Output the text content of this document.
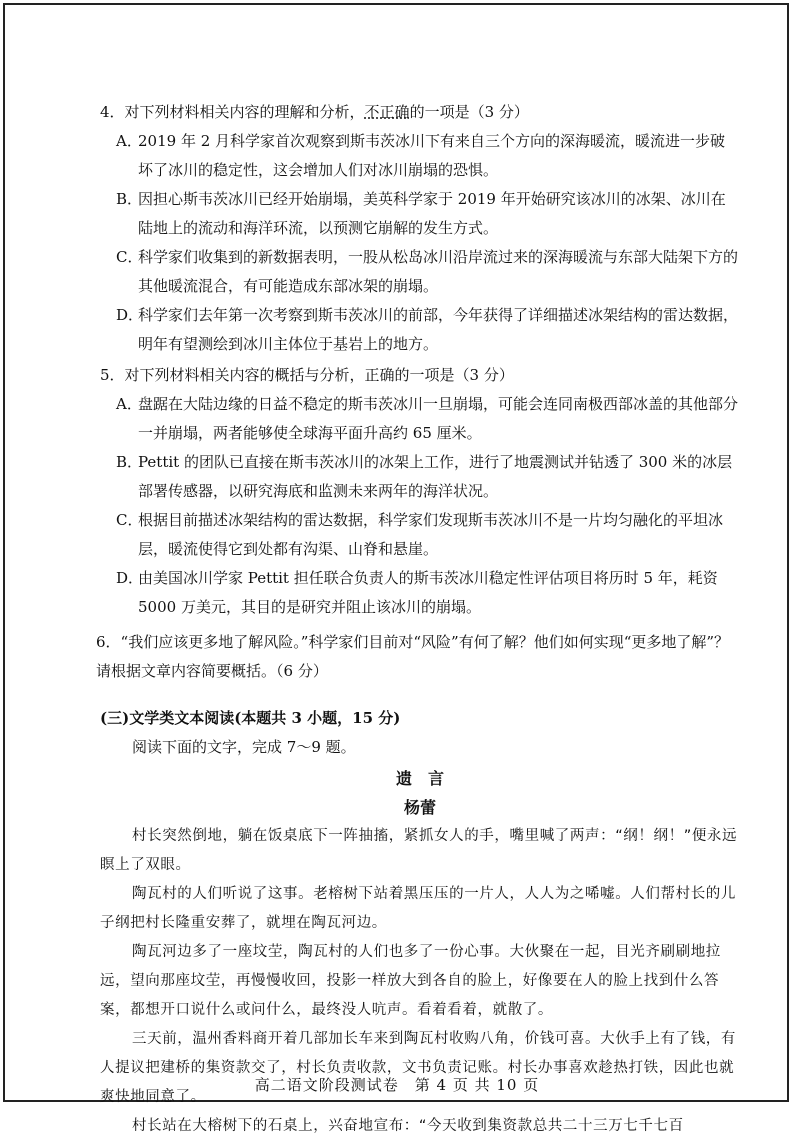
4．对下列材料相关内容的理解和分析，不正确的一项是（3 分）
A．2019 年 2 月科学家首次观察到斯韦茨冰川下有来自三个方向的深海暖流，暖流进一步破坏了冰川的稳定性，这会增加人们对冰川崩塌的恐惧。
B．因担心斯韦茨冰川已经开始崩塌，美英科学家于 2019 年开始研究该冰川的冰架、冰川在陆地上的流动和海洋环流，以预测它崩解的发生方式。
C．科学家们收集到的新数据表明，一股从松岛冰川沿岸流过来的深海暖流与东部大陆架下方的其他暖流混合，有可能造成东部冰架的崩塌。
D．科学家们去年第一次考察到斯韦茨冰川的前部，今年获得了详细描述冰架结构的雷达数据，明年有望测绘到冰川主体位于基岩上的地方。
5．对下列材料相关内容的概括与分析，正确的一项是（3 分）
A．盘踞在大陆边缘的日益不稳定的斯韦茨冰川一旦崩塌，可能会连同南极西部冰盖的其他部分一并崩塌，两者能够使全球海平面升高约 65 厘米。
B．Pettit 的团队已直接在斯韦茨冰川的冰架上工作，进行了地震测试并钻透了 300 米的冰层部署传感器，以研究海底和监测未来两年的海洋状况。
C．根据目前描述冰架结构的雷达数据，科学家们发现斯韦茨冰川不是一片均匀融化的平坦冰层，暖流使得它到处都有沟渠、山脊和悬崖。
D．由美国冰川学家 Pettit 担任联合负责人的斯韦茨冰川稳定性评估项目将历时 5 年，耗资 5000 万美元，其目的是研究并阻止该冰川的崩塌。
6．“我们应该更多地了解风险。”科学家们目前对“风险”有何了解？他们如何实现“更多地了解”？请根据文章内容简要概括。（6 分）
(三)文学类文本阅读(本题共 3 小题，15 分)
阅读下面的文字，完成 7～9 题。
遗　言
杨蕾
村长突然倒地，躺在饭桌底下一阵抽搐，紧抓女人的手，嘴里喊了两声：“纲！纲！”便永远瞑上了双眼。
陶瓦村的人们听说了这事。老榕树下站着黑压压的一片人，人人为之唏嘘。人们帮村长的儿子纲把村长隆重安葬了，就埋在陶瓦河边。
陶瓦河边多了一座坟茔，陶瓦村的人们也多了一份心事。大伙聚在一起，目光齐刷刷地拉远，望向那座坟茔，再慢慢收回，投影一样放大到各自的脸上，好像要在人的脸上找到什么答案，都想开口说什么或问什么，最终没人吭声。看着看着，就散了。
三天前，温州香料商开着几部加长车来到陶瓦村收购八角，价钱可喜。大伙手上有了钱，有人提议把建桥的集资款交了，村长负责收款，文书负责记账。村长办事喜欢趁热打铁，因此也就爽快地同意了。
村长站在大榕树下的石桌上，兴奋地宣布：“今天收到集资款总共二十三万七千七百
高二语文阶段测试卷　第 4 页 共 10 页
